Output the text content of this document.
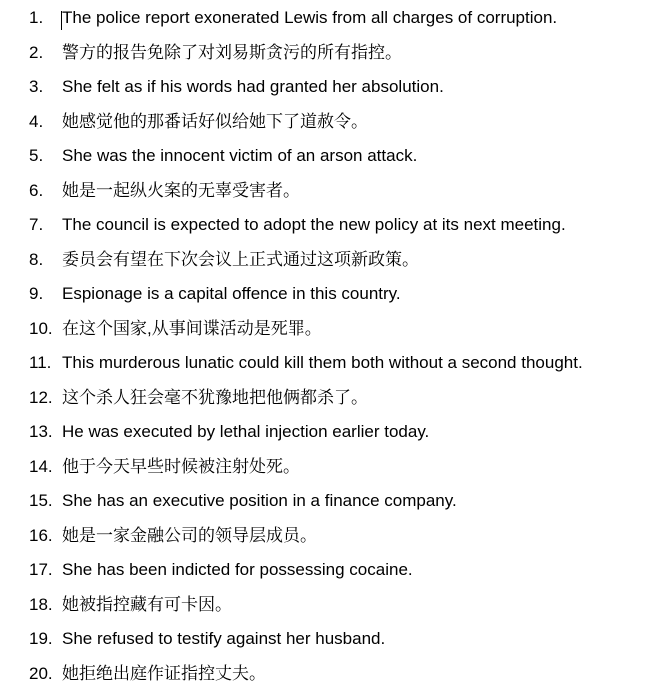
1. The police report exonerated Lewis from all charges of corruption.
2. 警方的报告免除了对刘易斯贪污的所有指控。
3. She felt as if his words had granted her absolution.
4. 她感觉他的那番话好似给她下了道赦令。
5. She was the innocent victim of an arson attack.
6. 她是一起纵火案的无辜受害者。
7. The council is expected to adopt the new policy at its next meeting.
8. 委员会有望在下次会议上正式通过这项新政策。
9. Espionage is a capital offence in this country.
10. 在这个国家,从事间谍活动是死罪。
11. This murderous lunatic could kill them both without a second thought.
12. 这个杀人狂会毫不犹豫地把他俩都杀了。
13. He was executed by lethal injection earlier today.
14. 他于今天早些时候被注射处死。
15. She has an executive position in a finance company.
16. 她是一家金融公司的领导层成员。
17. She has been indicted for possessing cocaine.
18. 她被指控藏有可卡因。
19. She refused to testify against her husband.
20. 她拒绝出庭作证指控丈夫。
